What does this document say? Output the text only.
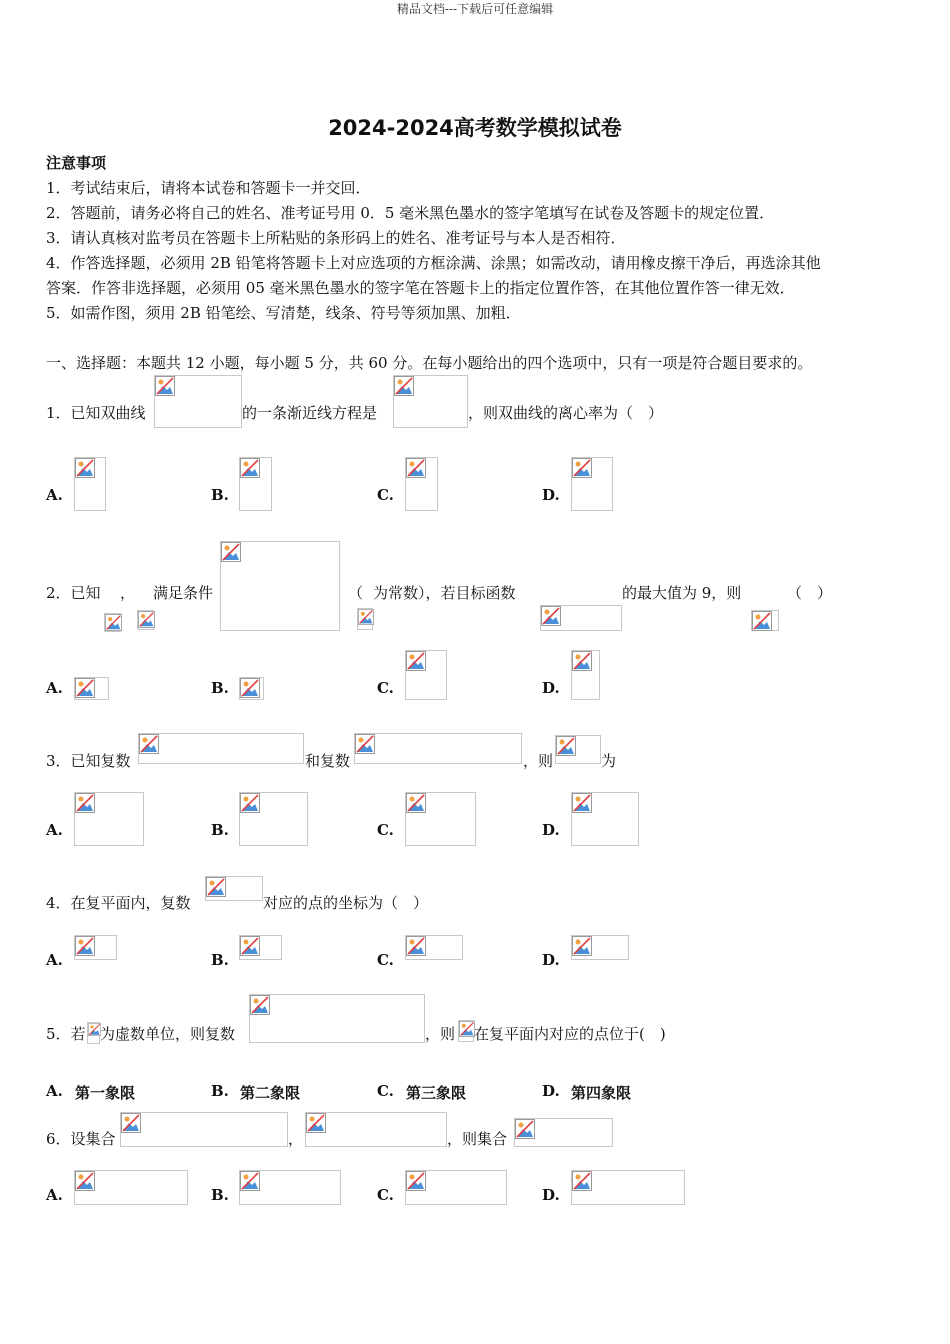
精品文档---下载后可任意编辑
2024-2024高考数学模拟试卷
注意事项
1．考试结束后，请将本试卷和答题卡一并交回．
2．答题前，请务必将自己的姓名、准考证号用 0．5 毫米黑色墨水的签字笔填写在试卷及答题卡的规定位置．
3．请认真核对监考员在答题卡上所粘贴的条形码上的姓名、准考证号与本人是否相符．
4．作答选择题，必须用 2B 铅笔将答题卡上对应选项的方框涂满、涂黑；如需改动，请用橡皮擦干净后，再选涂其他
答案．作答非选择题，必须用 05 毫米黑色墨水的签字笔在答题卡上的指定位置作答，在其他位置作答一律无效．
5．如需作图，须用 2B 铅笔绘、写清楚，线条、符号等须加黑、加粗．
一、选择题：本题共 12 小题，每小题 5 分，共 60 分。在每小题给出的四个选项中，只有一项是符合题目要求的。
1．已知双曲线	的一条渐近线方程是	，则双曲线的离心率为（　）
A.	B.	C.	D.
2．已知 ， 满足条件	（ 为常数），若目标函数	的最大值为 9，则	（　）
A.	B.	C.	D.
3．已知复数	和复数	，则	为
A.	B.	C.	D.
4．在复平面内，复数	对应的点的坐标为（　）
A.	B.	C.	D.
5．若 为虚数单位，则复数	，则 在复平面内对应的点位于(　)
A. 第一象限	B. 第二象限	C. 第三象限	D. 第四象限
6．设集合	，	，则集合
A.	B.	C.	D.
